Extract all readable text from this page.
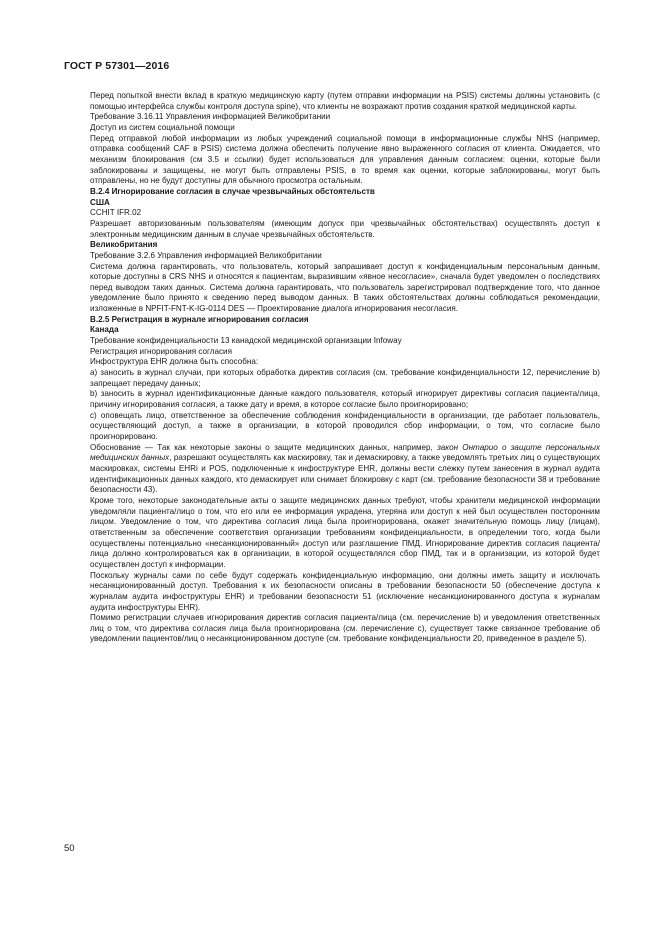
ГОСТ Р 57301—2016

Перед попыткой внести вклад в краткую медицинскую карту (путем отправки информации на PSIS) системы должны установить (с помощью интерфейса службы контроля доступа spine), что клиенты не возражают против создания краткой медицинской карты.

Требование 3.16.11 Управления информацией Великобритании

Доступ из систем социальной помощи

Перед отправкой любой информации из любых учреждений социальной помощи в информационные службы NHS (например, отправка сообщений CAF в PSIS) система должна обеспечить получение явно выраженного согласия от клиента. Ожидается, что механизм блокирования (см 3.5 и ссылки) будет использоваться для управления данным согласием: оценки, которые были заблокированы и защищены, не могут быть отправлены PSIS, в то время как оценки, которые заблокированы, могут быть отправлены, но не будут доступны для обычного просмотра остальным.

В.2.4 Игнорирование согласия в случае чрезвычайных обстоятельств

США

CCHIT IFR.02

Разрешает авторизованным пользователям (имеющим допуск при чрезвычайных обстоятельствах) осуществлять доступ к электронным медицинским данным в случае чрезвычайных обстоятельств.

Великобритания

Требование 3.2.6 Управления информацией Великобритании

Система должна гарантировать, что пользователь, который запрашивает доступ к конфиденциальным персональным данным, которые доступны в CRS NHS и относятся к пациентам, выразившим «явное несогласие», сначала будет уведомлен о последствиях перед выводом таких данных. Система должна гарантировать, что пользователь зарегистрировал подтверждение того, что данное уведомление было принято к сведению перед выводом данных. В таких обстоятельствах должны соблюдаться рекомендации, изложенные в NPFIT-FNT-K-IG-0114 DES — Проектирование диалога игнорирования несогласия.

В.2.5 Регистрация в журнале игнорирования согласия

Канада

Требование конфиденциальности 13 канадской медицинской организации Infoway

Регистрация игнорирования согласия

Инфоструктура EHR должна быть способна:

a) заносить в журнал случаи, при которых обработка директив согласия (см. требование конфиденциальности 12, перечисление b) запрещает передачу данных;

b) заносить в журнал идентификационные данные каждого пользователя, который игнорирует директивы согласия пациента/лица, причину игнорирования согласия, а также дату и время, в которое согласие было проигнорировано;

c) оповещать лицо, ответственное за обеспечение соблюдения конфиденциальности в организации, где работает пользователь, осуществляющий доступ, а также в организации, в которой проводился сбор информации, о том, что согласие было проигнорировано.

Обоснование — Так как некоторые законы о защите медицинских данных, например, закон Онтарио о защите персональных медицинских данных, разрешают осуществлять как маскировку, так и демаскировку, а также уведомлять третьих лиц о существующих маскировках, системы EHRi и POS, подключенные к инфоструктуре EHR, должны вести слежку путем занесения в журнал аудита идентификационных данных каждого, кто демаскирует или снимает блокировку с карт (см. требование безопасности 38 и требование безопасности 43).

Кроме того, некоторые законодательные акты о защите медицинских данных требуют, чтобы хранители медицинской информации уведомляли пациента/лицо о том, что его или ее информация украдена, утеряна или доступ к ней был осуществлен посторонним лицом. Уведомление о том, что директива согласия лица была проигнорирована, окажет значительную помощь лицу (лицам), ответственным за обеспечение соответствия организации требованиям конфиденциальности, в определении того, когда были осуществлены потенциально «несанкционированный» доступ или разглашение ПМД. Игнорирование директив согласия пациента/лица должно контролироваться как в организации, в которой осуществлялся сбор ПМД, так и в организации, из которой будет осуществлен доступ к информации.

Поскольку журналы сами по себе будут содержать конфиденциальную информацию, они должны иметь защиту и исключать несанкционированный доступ. Требования к их безопасности описаны в требовании безопасности 50 (обеспечение доступа к журналам аудита инфоструктуры EHR) и требовании безопасности 51 (исключение несанкционированного доступа к журналам аудита инфоструктуры EHR).

Помимо регистрации случаев игнорирования директив согласия пациента/лица (см. перечисление b) и уведомления ответственных лиц о том, что директива согласия лица была проигнорирована (см. перечисление c), существует также связанное требование об уведомлении пациентов/лиц о несанкционированном доступе (см. требование конфиденциальности 20, приведенное в разделе 5).

50
